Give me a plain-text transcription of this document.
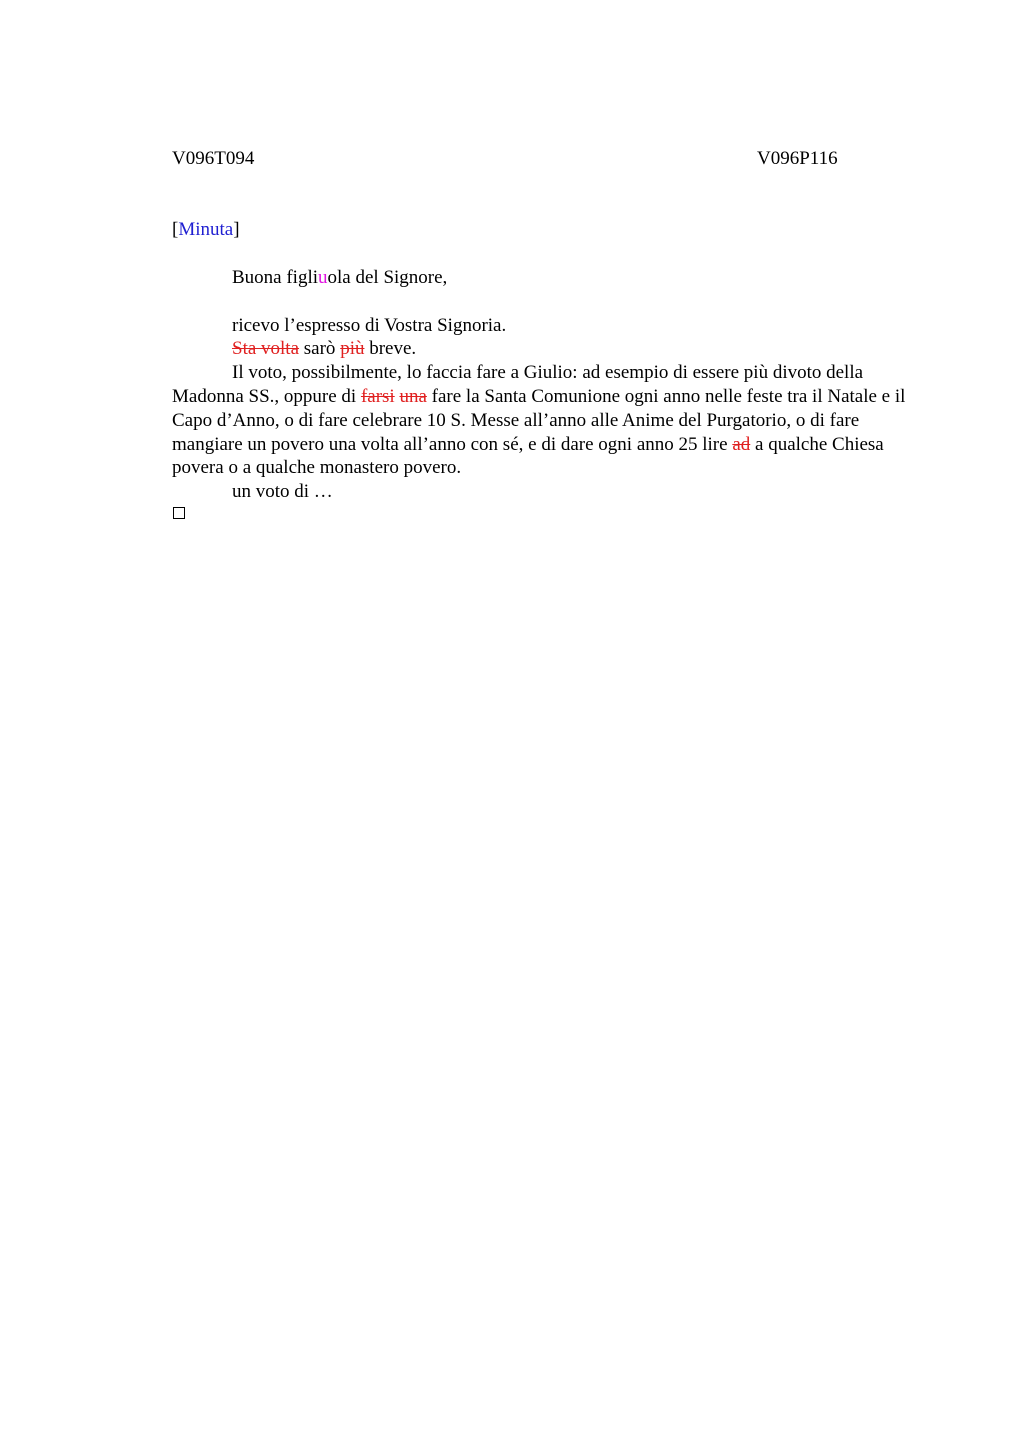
V096T094	V096P116
[Minuta]

Buona figliuola del Signore,

ricevo l’espresso di Vostra Signoria.

Sta volta sarò più breve.

Il voto, possibilmente, lo faccia fare a Giulio: ad esempio di essere più divoto della Madonna SS., oppure di farsi una fare la Santa Comunione ogni anno nelle feste tra il Natale e il Capo d’Anno, o di fare celebrare 10 S. Messe all’anno alle Anime del Purgatorio, o di fare mangiare un povero una volta all’anno con sé, e di dare ogni anno 25 lire ad a qualche Chiesa povera o a qualche monastero povero.

un voto di …
